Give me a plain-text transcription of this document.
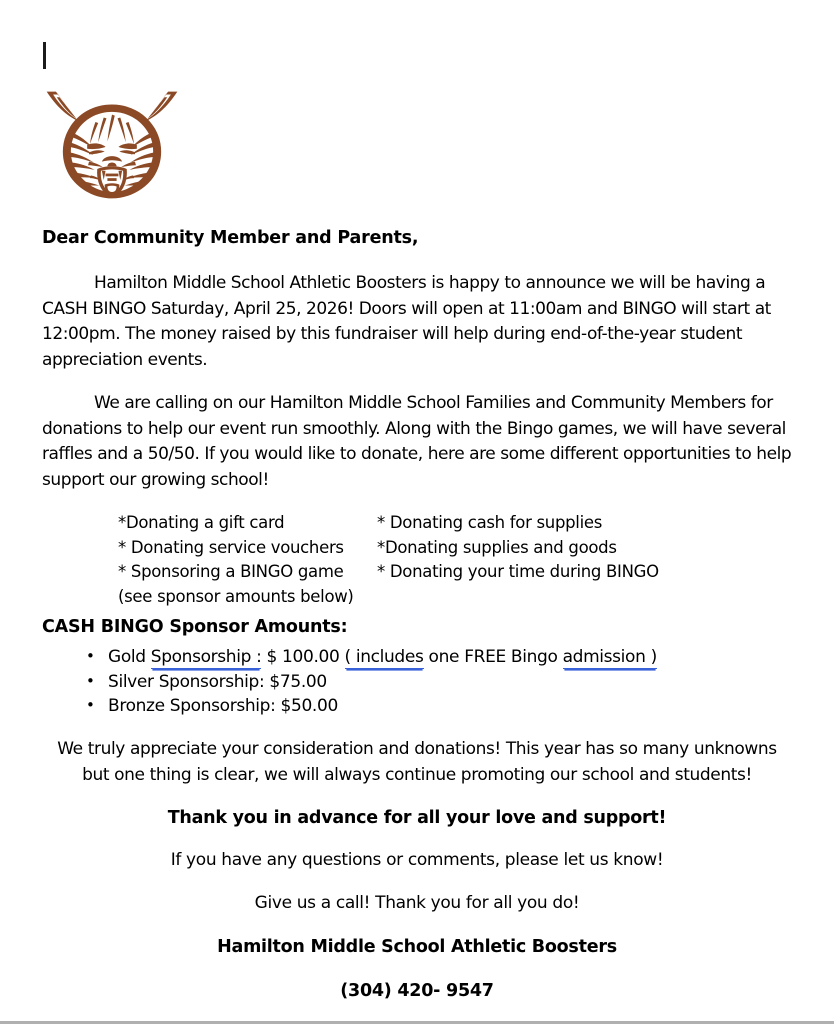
Dear Community Member and Parents,

Hamilton Middle School Athletic Boosters is happy to announce we will be having a CASH BINGO Saturday, April 25, 2026! Doors will open at 11:00am and BINGO will start at 12:00pm. The money raised by this fundraiser will help during end-of-the-year student appreciation events.

We are calling on our Hamilton Middle School Families and Community Members for donations to help our event run smoothly. Along with the Bingo games, we will have several raffles and a 50/50. If you would like to donate, here are some different opportunities to help support our growing school!

*Donating a gift card
* Donating service vouchers
* Sponsoring a BINGO game
(see sponsor amounts below)
* Donating cash for supplies
*Donating supplies and goods
* Donating your time during BINGO
CASH BINGO Sponsor Amounts:
• Gold Sponsorship : $ 100.00 ( includes one FREE Bingo admission )
• Silver Sponsorship: $75.00
• Bronze Sponsorship: $50.00

We truly appreciate your consideration and donations! This year has so many unknowns but one thing is clear, we will always continue promoting our school and students!

Thank you in advance for all your love and support!

If you have any questions or comments, please let us know!

Give us a call! Thank you for all you do!

Hamilton Middle School Athletic Boosters

(304) 420- 9547
